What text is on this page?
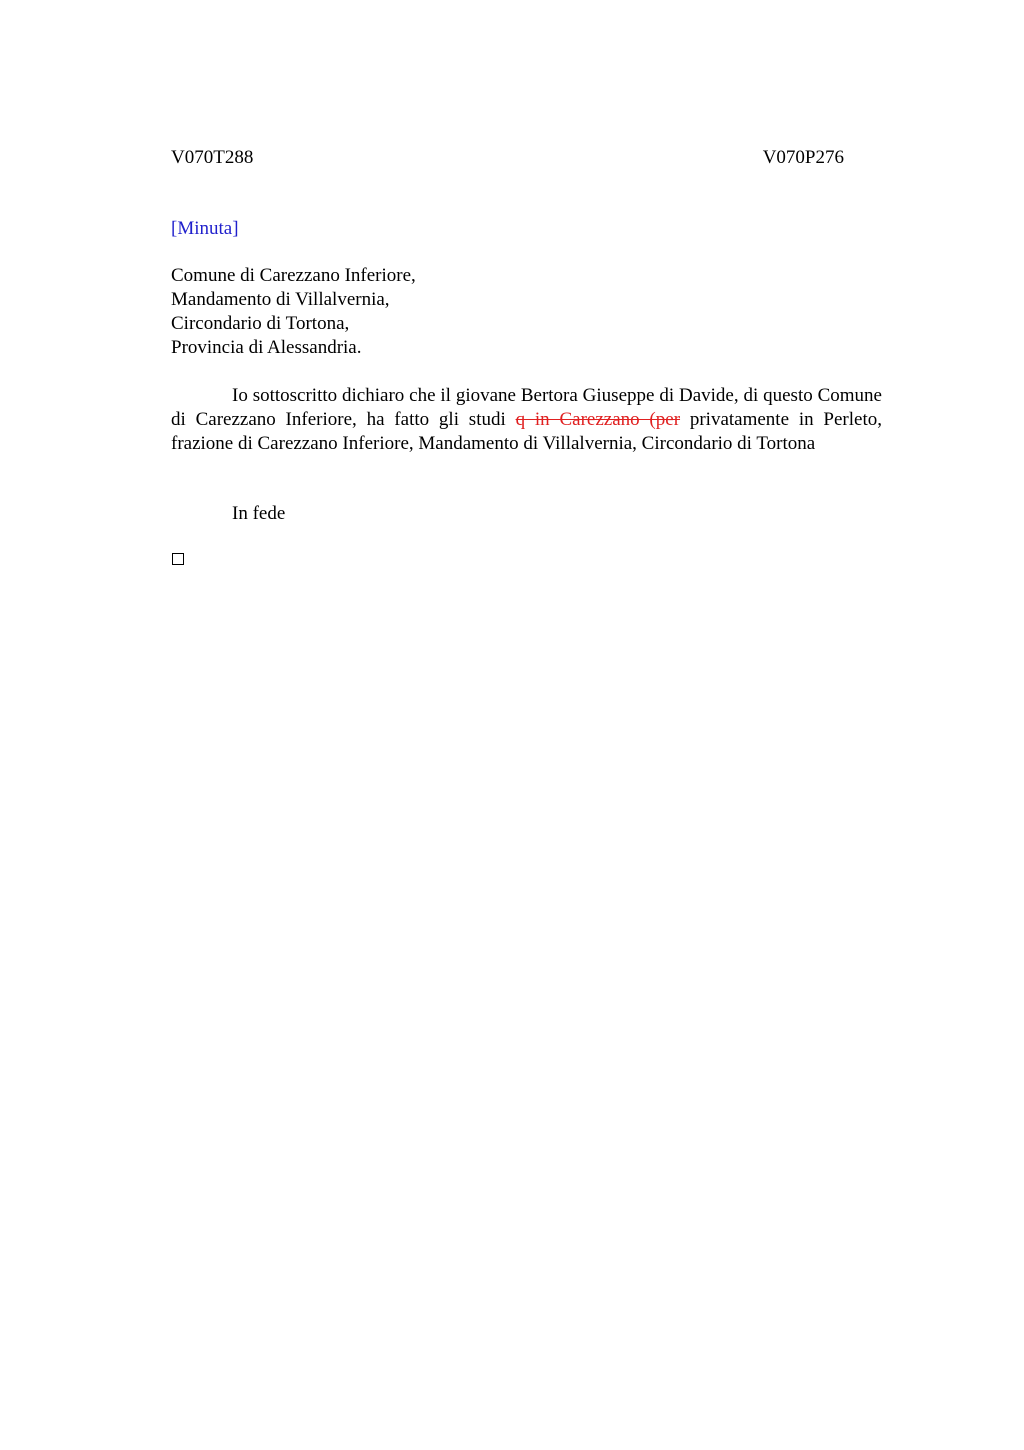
V070T288	V070P276
[Minuta]
Comune di Carezzano Inferiore,
Mandamento di Villalvernia,
Circondario di Tortona,
Provincia di Alessandria.

Io sottoscritto dichiaro che il giovane Bertora Giuseppe di Davide, di questo Comune di Carezzano Inferiore, ha fatto gli studi q in Carezzano (per privatamente in Perleto, frazione di Carezzano Inferiore, Mandamento di Villalvernia, Circondario di Tortona

In fede
